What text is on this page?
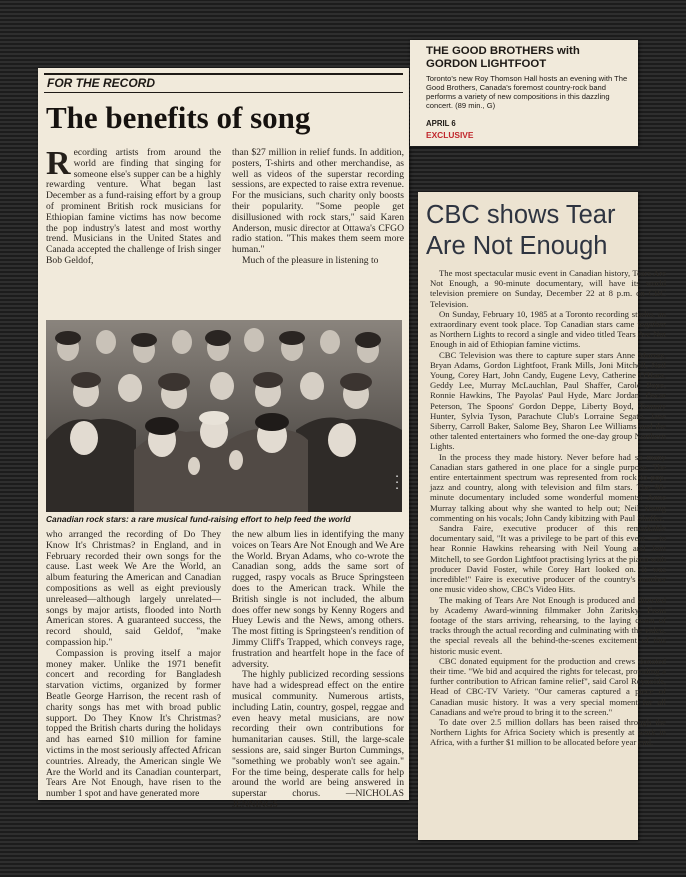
FOR THE RECORD
The benefits of song

Recording artists from around the world are finding that singing for someone else's supper can be a highly rewarding venture. What began last December as a fund-raising effort by a group of prominent British rock musicians for Ethiopian famine victims has now become the pop industry's latest and most worthy trend. Musicians in the United States and Canada accepted the challenge of Irish singer Bob Geldof,

than $27 million in relief funds. In addition, posters, T-shirts and other merchandise, as well as videos of the superstar recording sessions, are expected to raise extra revenue. For the musicians, such charity only boosts their popularity. "Some people get disillusioned with rock stars," said Karen Anderson, music director at Ottawa's CFGO radio station. "This makes them seem more human."

Much of the pleasure in listening to

▪▪▪
Canadian rock stars: a rare musical fund-raising effort to help feed the world

who arranged the recording of Do They Know It's Christmas? in England, and in February recorded their own songs for the cause. Last week We Are the World, an album featuring the American and Canadian compositions as well as eight previously unreleased—although largely unrelated—songs by major artists, flooded into North American stores. A guaranteed success, the record should, said Geldof, "make compassion hip."

Compassion is proving itself a major money maker. Unlike the 1971 benefit concert and recording for Bangladesh starvation victims, organized by former Beatle George Harrison, the recent rash of charity songs has met with broad public support. Do They Know It's Christmas? topped the British charts during the holidays and has earned $10 million for famine victims in the most seriously affected African countries. Already, the American single We Are the World and its Canadian counterpart, Tears Are Not Enough, have risen to the number 1 spot and have generated more

the new album lies in identifying the many voices on Tears Are Not Enough and We Are the World. Bryan Adams, who co-wrote the Canadian song, adds the same sort of rugged, raspy vocals as Bruce Springsteen does to the American track. While the British single is not included, the album does offer new songs by Kenny Rogers and Huey Lewis and the News, among others. The most fitting is Springsteen's rendition of Jimmy Cliff's Trapped, which conveys rage, frustration and heartfelt hope in the face of adversity.

The highly publicized recording sessions have had a widespread effect on the entire musical community. Numerous artists, including Latin, country, gospel, reggae and even heavy metal musicians, are now recording their own contributions for humanitarian causes. Still, the large-scale sessions are, said singer Burton Cummings, "something we probably won't see again." For the time being, desperate calls for help around the world are being answered in superstar chorus. —NICHOLAS JENNINGS

THE GOOD BROTHERS with
GORDON LIGHTFOOT
Toronto's new Roy Thomson Hall hosts an evening with The Good Brothers, Canada's foremost country-rock band performs a variety of new compositions in this dazzling concert. (89 min., G)
APRIL 6
EXCLUSIVE
CBC shows Tear
Are Not Enough

The most spectacular music event in Canadian history, Tears Are Not Enough, a 90-minute documentary, will have its world television premiere on Sunday, December 22 at 8 p.m. on CBC Television.

On Sunday, February 10, 1985 at a Toronto recording studio, an extraordinary event took place. Top Canadian stars came together as Northern Lights to record a single and video titled Tears Are Not Enough in aid of Ethiopian famine victims.

CBC Television was there to capture super stars Anne Murray, Bryan Adams, Gordon Lightfoot, Frank Mills, Joni Mitchell, Neil Young, Corey Hart, John Candy, Eugene Levy, Catherine O'Hara, Geddy Lee, Murray McLauchlan, Paul Shaffer, Carole Pope, Ronnie Hawkins, The Payolas' Paul Hyde, Marc Jordan, Oscar Peterson, The Spoons' Gordon Deppe, Liberty Boyd, Tommy Hunter, Sylvia Tyson, Parachute Club's Lorraine Segato, Jane Siberry, Carroll Baker, Salome Bey, Sharon Lee Williams and the other talented entertainers who formed the one-day group Northern Lights.

In the process they made history. Never before had so many Canadian stars gathered in one place for a single purpose. The entire entertainment spectrum was represented from rock to pop, jazz and country, along with television and film stars. The 90-minute documentary included some wonderful moments: Anne Murray talking about why she wanted to help out; Neil Young commenting on his vocals; John Candy kibitzing with Paul Shaffer.

Sandra Faire, executive producer of this remarkable documentary said, "It was a privilege to be part of this event — to hear Ronnie Hawkins rehearsing with Neil Young and Joni Mitchell, to see Gordon Lightfoot practising lyrics at the piano with producer David Foster, while Corey Hart looked on. It was incredible!" Faire is executive producer of the country's number one music video show, CBC's Video Hits.

The making of Tears Are Not Enough is produced and directed by Academy Award-winning filmmaker John Zaritsky. From footage of the stars arriving, rehearsing, to the laying down of tracks through the actual recording and culminating with the video, the special reveals all the behind-the-scenes excitement of this historic music event.

CBC donated equipment for the production and crews donated their time. "We bid and acquired the rights for telecast, providing a further contribution to African famine relief", said Carol Reynolds, Head of CBC-TV Variety. "Our cameras captured a piece of Canadian music history. It was a very special moment for all Canadians and we're proud to bring it to the screen."

To date over 2.5 million dollars has been raised through the Northern Lights for Africa Society which is presently at work in Africa, with a further $1 million to be allocated before year end.
